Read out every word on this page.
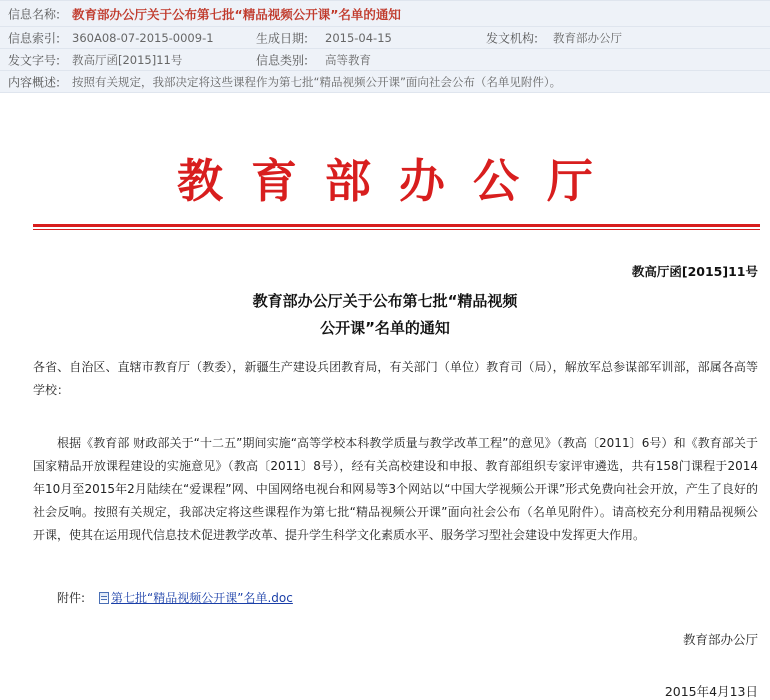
信息名称: 教育部办公厅关于公布第七批“精品视频公开课”名单的通知
信息索引: 360A08-07-2015-0009-1	生成日期: 2015-04-15	发文机构: 教育部办公厅
发文字号: 教高厅函[2015]11号	信息类别: 高等教育
内容概述: 按照有关规定，我部决定将这些课程作为第七批“精品视频公开课”面向社会公布（名单见附件）。
教育部办公厅
教高厅函[2015]11号
教育部办公厅关于公布第七批“精品视频
公开课”名单的通知

各省、自治区、直辖市教育厅（教委），新疆生产建设兵团教育局，有关部门（单位）教育司（局），解放军总参谋部军训部，部属各高等学校：

根据《教育部 财政部关于“十二五”期间实施“高等学校本科教学质量与教学改革工程”的意见》（教高〔2011〕6号）和《教育部关于国家精品开放课程建设的实施意见》（教高〔2011〕8号），经有关高校建设和申报、教育部组织专家评审遴选，共有158门课程于2014年10月至2015年2月陆续在“爱课程”网、中国网络电视台和网易等3个网站以“中国大学视频公开课”形式免费向社会开放，产生了良好的社会反响。按照有关规定，我部决定将这些课程作为第七批“精品视频公开课”面向社会公布（名单见附件）。请高校充分利用精品视频公开课，使其在运用现代信息技术促进教学改革、提升学生科学文化素质水平、服务学习型社会建设中发挥更大作用。

附件: 第七批“精品视频公开课”名单.doc
教育部办公厅
2015年4月13日
